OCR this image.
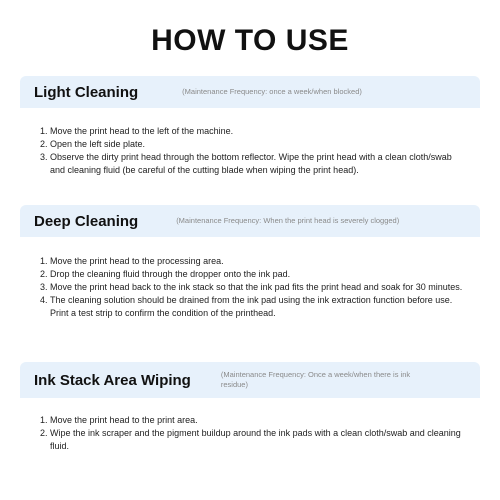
HOW TO USE
Light Cleaning	(Maintenance Frequency: once a week/when blocked)
1. Move the print head to the left of the machine.
2. Open the left side plate.
3. Observe the dirty print head through the bottom reflector. Wipe the print head with a clean cloth/swab and cleaning fluid (be careful of the cutting blade when wiping the print head).
Deep Cleaning	(Maintenance Frequency: When the print head is severely clogged)
1. Move the print head to the processing area.
2. Drop the cleaning fluid through the dropper onto the ink pad.
3. Move the print head back to the ink stack so that the ink pad fits the print head and soak for 30 minutes.
4. The cleaning solution should be drained from the ink pad using the ink extraction function before use. Print a test strip to confirm the condition of the printhead.
Ink Stack Area Wiping	(Maintenance Frequency: Once a week/when there is ink residue)
1. Move the print head to the print area.
2. Wipe the ink scraper and the pigment buildup around the ink pads with a clean cloth/swab and cleaning fluid.
